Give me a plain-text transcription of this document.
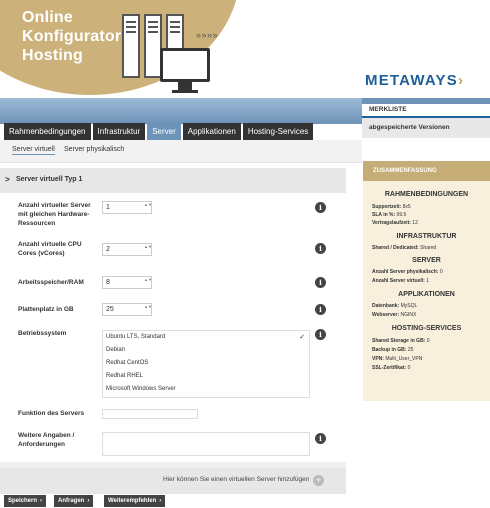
Online
Konfigurator
Hosting
» » » »
METAWAYS›
Rahmenbedingungen	Infrastruktur	Server	Applikationen	Hosting-Services
Server virtuell Server physikalisch
> Server virtuell Typ 1
Anzahl virtueller Server mit gleichen Hardware-Ressourcen
1	▲▼	i
Anzahl virtuelle CPU Cores (vCores)
2	▲▼	i
Arbeitsspeicher/RAM	8	▲▼	i
Plattenplatz in GB	25	▲▼	i
Betriebssystem	i
Ubuntu LTS, Standard	✓
Debian
Redhat CentOS
Redhat RHEL
Microsoft Windows Server
Funktion des Servers
Weitere Angaben / Anforderungen
i
Hier können Sie einen virtuellen Server hinzufügen +
Speichern ›	Anfragen ›	Weiterempfehlen ›
MERKLISTE
abgespeicherte Versionen
ZUSAMMENFASSUNG
RAHMENBEDINGUNGEN
Supportzeit: 8x5
SLA in %: 99.5
Vertragslaufzeit: 12
INFRASTRUKTUR
Shared / Dedicated: Shared
SERVER
Anzahl Server physikalisch: 0
Anzahl Server virtuell: 1
APPLIKATIONEN
Datenbank: MySQL
Webserver: NGINX
HOSTING-SERVICES
Shared Storage in GB: 0
Backup in GB: 25
VPN: Multi_User_VPN
SSL-Zertifikat: 0
